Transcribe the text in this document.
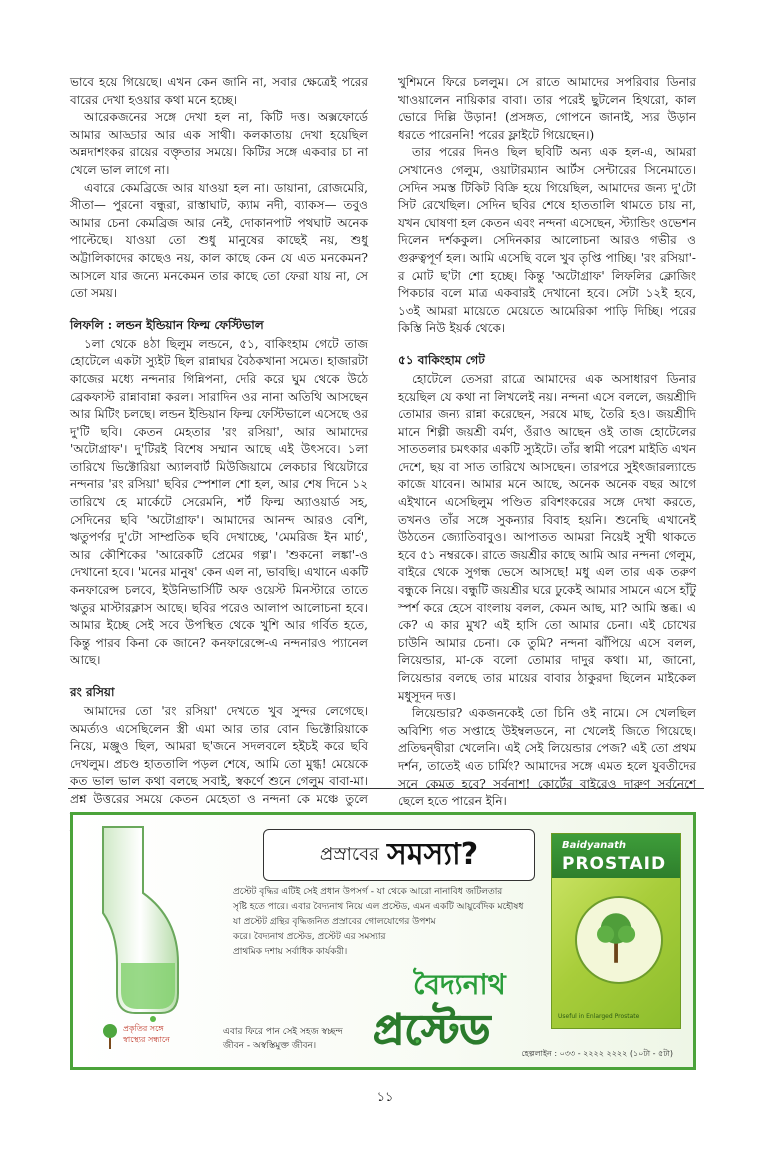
ভাবে হয়ে গিয়েছে। এখন কেন জানি না, সবার ক্ষেত্রেই পরের বারের দেখা হওয়ার কথা মনে হচ্ছে।

আরেকজনের সঙ্গে দেখা হল না, কিটি দত্ত। অক্সফোর্ডে আমার আড্ডার আর এক সাথী। কলকাতায় দেখা হয়েছিল অন্নদাশংকর রায়ের বক্তৃতার সময়ে। কিটির সঙ্গে একবার চা না খেলে ভাল লাগে না।

এবারে কেমব্রিজে আর যাওয়া হল না। ডায়ানা, রোজমেরি, সীতা— পুরনো বন্ধুরা, রাস্তাঘাট, ক্যাম নদী, ব্যাকস— তবুও আমার চেনা কেমব্রিজ আর নেই, দোকানপাট পথঘাট অনেক পাল্টেছে। যাওয়া তো শুধু মানুষের কাছেই নয়, শুধু অট্টালিকাদের কাছেও নয়, কাল কাছে কেন যে এত মনকেমন? আসলে যার জন্যে মনকেমন তার কাছে তো ফেরা যায় না, সে তো সময়।

লিফলি : লন্ডন ইন্ডিয়ান ফিল্ম ফেস্টিভাল

১লা থেকে ৪ঠা ছিলুম লন্ডনে, ৫১, বাকিংহাম গেটে তাজ হোটেলে একটা স্যুইট ছিল রান্নাঘর বৈঠকখানা সমেত। হাজারটা কাজের মধ্যে নন্দনার গিন্নিপনা, দেরি করে ঘুম থেকে উঠে ব্রেকফাস্ট রান্নাবান্না করল। সারাদিন ওর নানা অতিথি আসছেন আর মিটিং চলছে। লন্ডন ইন্ডিয়ান ফিল্ম ফেস্টিভালে এসেছে ওর দু'টি ছবি। কেতন মেহতার 'রং রসিয়া', আর আমাদের 'অটোগ্রাফ'। দু'টিরই বিশেষ সম্মান আছে এই উৎসবে। ১লা তারিখে ভিক্টোরিয়া অ্যালবার্ট মিউজিয়ামে লেকচার থিয়েটারে নন্দনার 'রং রসিয়া' ছবির স্পেশাল শো হল, আর শেষ দিনে ১২ তারিখে হে মার্কেটে সেরেমনি, শর্ট ফিল্ম অ্যাওয়ার্ড সহ, সেদিনের ছবি 'অটোগ্রাফ'। আমাদের আনন্দ আরও বেশি, ঋতুপর্ণর দু'টো সাম্প্রতিক ছবি দেখাচ্ছে, 'মেমরিজ ইন মার্চ', আর কৌশিকের 'আরেকটি প্রেমের গল্প'। 'শুকনো লঙ্কা'-ও দেখানো হবে। 'মনের মানুষ' কেন এল না, ভাবছি। এখানে একটি কনফারেন্স চলবে, ইউনিভার্সিটি অফ ওয়েস্ট মিনস্টারে তাতে ঋতুর মাস্টারক্লাস আছে। ছবির পরেও আলাপ আলোচনা হবে। আমার ইচ্ছে সেই সবে উপস্থিত থেকে খুশি আর গর্বিত হতে, কিন্তু পারব কিনা কে জানে? কনফারেন্সে-এ নন্দনারও প্যানেল আছে।

রং রসিয়া

আমাদের তো 'রং রসিয়া' দেখতে খুব সুন্দর লেগেছে। অমর্ত্যও এসেছিলেন স্ত্রী এমা আর তার বোন ভিক্টোরিয়াকে নিয়ে, মঞ্জুও ছিল, আমরা ছ'জনে সদলবলে হইচই করে ছবি দেখলুম। প্রচণ্ড হাততালি পড়ল শেষে, আমি তো মুগ্ধ! মেয়েকে কত ভাল ভাল কথা বলছে সবাই, স্বকর্ণে শুনে গেলুম বাবা-মা। প্রশ্ন উত্তরের সময়ে কেতন মেহেতা ও নন্দনা কে মঞ্চে তুলে

খুশিমনে ফিরে চললুম। সে রাতে আমাদের সপরিবার ডিনার খাওয়ালেন নায়িকার বাবা। তার পরেই ছুটলেন হিথরো, কাল ভোরে দিল্লি উড়ান! (প্রসঙ্গত, গোপনে জানাই, স্যর উড়ান ধরতে পারেননি! পরের ফ্লাইটে গিয়েছেন।)

তার পরের দিনও ছিল ছবিটি অন্য এক হল-এ, আমরা সেখানেও গেলুম, ওয়াটারম্যান আর্টস সেন্টারের সিনেমাতে। সেদিন সমস্ত টিকিট বিক্রি হয়ে গিয়েছিল, আমাদের জন্য দু'টো সিট রেখেছিল। সেদিন ছবির শেষে হাততালি থামতে চায় না, যখন ঘোষণা হল কেতন এবং নন্দনা এসেছেন, স্ট্যান্ডিং ওভেশন দিলেন দর্শককুল। সেদিনকার আলোচনা আরও গভীর ও গুরুত্বপূর্ণ হল। আমি এসেছি বলে খুব তৃপ্তি পাচ্ছি। 'রং রসিয়া'-র মোট ছ'টা শো হচ্ছে। কিন্তু 'অটোগ্রাফ' লিফলির ক্লোজিং পিকচার বলে মাত্র একবারই দেখানো হবে। সেটা ১২ই হবে, ১৩ই আমরা মায়েতে মেয়েতে আমেরিকা পাড়ি দিচ্ছি। পরের কিস্তি নিউ ইয়র্ক থেকে।

৫১ বাকিংহাম গেট

হোটেলে তেসরা রাত্রে আমাদের এক অসাধারণ ডিনার হয়েছিল যে কথা না লিখলেই নয়। নন্দনা এসে বললে, জয়শ্রীদি তোমার জন্য রান্না করেছেন, সরষে মাছ, তৈরি হও। জয়শ্রীদি মানে শিল্পী জয়শ্রী বর্মণ, ওঁরাও আছেন ওই তাজ হোটেলের সাততলার চমৎকার একটি স্যুইটে। তাঁর স্বামী পরেশ মাইতি এখন দেশে, ছয় বা সাত তারিখে আসছেন। তারপরে সুইৎজারল্যান্ডে কাজে যাবেন। আমার মনে আছে, অনেক অনেক বছর আগে এইখানে এসেছিলুম পণ্ডিত রবিশংকরের সঙ্গে দেখা করতে, তখনও তাঁর সঙ্গে সুকন্যার বিবাহ হয়নি। শুনেছি এখানেই উঠতেন জ্যোতিবাবুও। আপাতত আমরা নিয়েই সুখী থাকতে হবে ৫১ নম্বরকে। রাতে জয়শ্রীর কাছে আমি আর নন্দনা গেলুম, বাইরে থেকে সুগন্ধ ভেসে আসছে! মধু এল তার এক তরুণ বন্ধুকে নিয়ে। বন্ধুটি জয়শ্রীর ঘরে ঢুকেই আমার সামনে এসে হাঁটু স্পর্শ করে হেসে বাংলায় বলল, কেমন আছ, মা? আমি স্তব্ধ। এ কে? এ কার মুখ? এই হাসি তো আমার চেনা। এই চোখের চাউনি আমার চেনা। কে তুমি? নন্দনা ঝাঁপিয়ে এসে বলল, লিয়েন্ডার, মা-কে বলো তোমার দাদুর কথা। মা, জানো, লিয়েন্ডার বলছে তার মায়ের বাবার ঠাকুরদা ছিলেন মাইকেল মধুসূদন দত্ত।

লিয়েন্ডার? একজনকেই তো চিনি ওই নামে। সে খেলছিল অবিশ্যি গত সপ্তাহে উইম্বলডনে, না খেলেই জিতে গিয়েছে। প্রতিদ্বন্দ্বীরা খেলেনি। এই সেই লিয়েন্ডার পেজ? এই তো প্রথম দর্শন, তাতেই এত চার্মিং? আমাদের সঙ্গে এমত হলে যুবতীদের সনে কেমত হবে? সর্বনাশ! কোর্টের বাইরেও দারুণ সর্বনেশে ছেলে হতে পারেন ইনি।

প্রস্রাবের সমস্যা?
প্রস্টেট বৃদ্ধির এটিই সেই প্রধান উপসর্গ - যা থেকে আরো নানাবিধ জটিলতার
সৃষ্টি হতে পারে। এবার বৈদ্যনাথ নিয়ে এল প্রস্টেড, এমন একটি আয়ুর্বেদিক মহৌষধ
যা প্রস্টেট গ্রন্থির বৃদ্ধিজনিত প্রস্রাবের গোলযোগের উপশম
করে। বৈদ্যনাথ প্রস্টেড, প্রস্টেট এর সমস্যার
প্রাথমিক দশায় সর্বাধিক কার্যকরী।
বৈদ্যনাথ
প্রস্টেড
এবার ফিরে পান সেই সহজ স্বচ্ছন্দ
জীবন - অস্বস্তিমুক্ত জীবন।
প্রকৃতির সঙ্গে
স্বাস্থ্যের সন্ধানে
হেল্পলাইন : ০৩৩ - ২২২২ ২২২২ (১০টা - ৫টা)
Baidyanath
PROSTAID
Useful in Enlarged Prostate
১১
